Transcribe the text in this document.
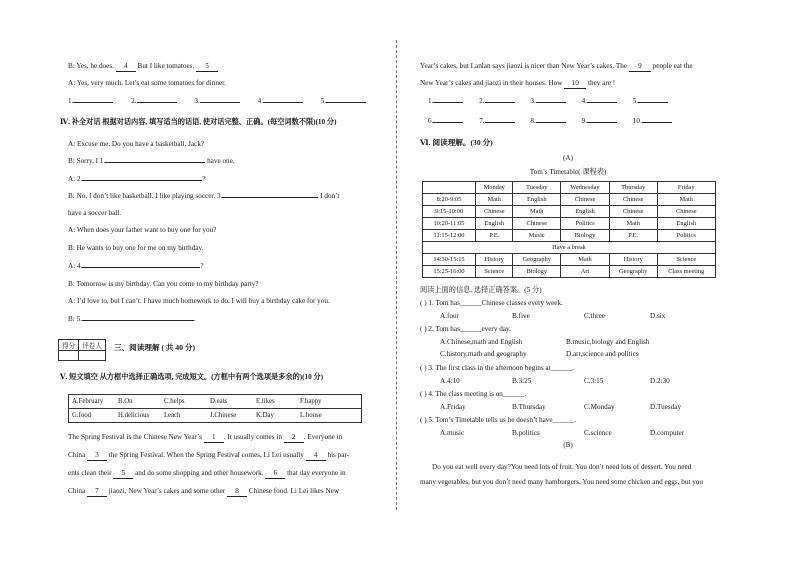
B: Yes, he does. 4 But I like tomatoes. 5
A: Yes, very much. Let’s eat some tomatoes for dinner.
1.	2.	3.	4.	5.
Ⅳ. 补全对话 根据对话内容, 填写适当的话语, 使对话完整、正确。(每空词数不限)(10 分)
A: Excuse me. Do you have a basketball, Jack?
B: Sorry, I 1.	have one.
A: 2.	?
B: No, I don’t like basketball. I like playing soccer. 3.	I don’t
have a soccer ball.
A: When does your father want to buy one for you?
B: He wants to buy one for me on my birthday.
A: 4.	?
B: Tomorrow is my birthday. Can you come to my birthday party?
A: I’d love to, but I can’t. I have much homework to do. I will buy a birthday cake for you.
B: 5.	.
得分	评卷人
	三、阅读理解 ( 共 40 分)
Ⅴ. 短文填空 从方框中选择正确选项, 完成短文。(方框中有两个选项是多余的)(10 分)
A.February B.On	C.helps	D.eats	E.likes	F.happy
G.food	H.delicious I.each	J.Chinese	K.Day	L.house
The Spring Festival is the Chinese New Year’s 1 . It usually comes in 2 . Everyone in
China 3 the Spring Festival. When the Spring Festival comes, Li Lei usually 4 his par-
ents clean their 5 and do some shopping and other housework. 6 that day everyone in
China 7 jiaozi, New Year’s cakes and some other 8 Chinese food. Li Lei likes New
Year’s cakes, but Lanlan says jiaozi is nicer than New Year’s cakes. The 9 people eat the
New Year’s cakes and jiaozi in their houses. How 10 they are !
1.	2.	3.	4.	5.
6.	7.	8.	9.	10.
Ⅵ. 阅读理解。(30 分)
(A)
Tom’s Timetable( 课程表)
	Monday	Tuesday	Wednesday	Thursday	Friday
8:20-9:05	Math	English	Chinese	Chinese	Math
9:15-10:00	Chinese	Math	English	Chinese	Chinese
10:20-11:05	English	Chinese	Politics	Math	English
11:15-12:00	P.E.	Music	Biology	P.E.	Politics
Have a break					
14:30-15:15	History	Geography	Math	History	Science
15:25-16:00	Science	Biology	Art	Geography	Class meeting
阅读上面的信息, 选择正确答案。(5 分)
( ) 1. Tom has______Chinese classes every week.
A.four	B.five	C.three	D.six
( ) 2. Tom has______every day.
A.Chinese,math and English	B.music,biology and English
C.history,math and geography	D.art,science and politics
( ) 3. The first class in the afternoon begins at______.
A.4:10	B.3:25	C.3:15	D.2:30
( ) 4. The class meeting is on______.
A.Friday	B.Thursday	C.Monday	D.Tuesday
( ) 5. Tom’s Timetable tells us he doesn’t have______.
A.music	B.politics	C.science	D.computer
(B)
Do you eat well every day?You need lots of fruit. You don’t need lots of dessert. You need
many vegetables, but you don’t need many hamburgers. You need some chicken and eggs, but you
